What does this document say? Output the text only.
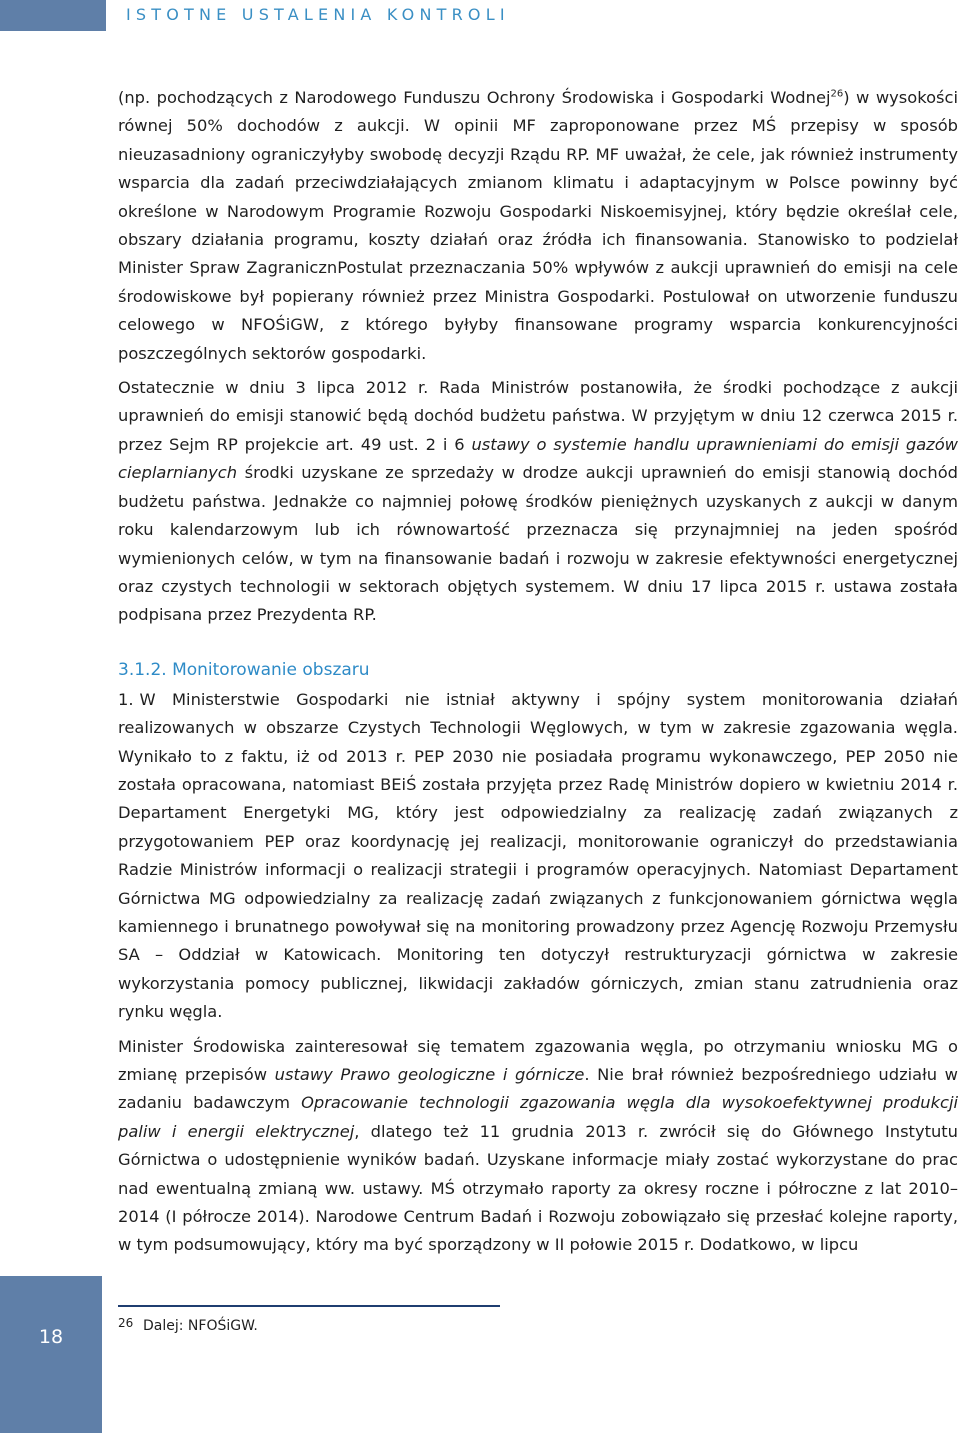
ISTOTNE USTALENIA KONTROLI

(np. pochodzących z Narodowego Funduszu Ochrony Środowiska i Gospodarki Wodnej$^{26}$) w wysokości równej 50% dochodów z aukcji. W opinii MF zaproponowane przez MŚ przepisy w sposób nieuzasadniony ograniczyłyby swobodę decyzji Rządu RP. MF uważał, że cele, jak również instrumenty wsparcia dla zadań przeciwdziałających zmianom klimatu i adaptacyjnym w Polsce powinny być określone w Narodowym Programie Rozwoju Gospodarki Niskoemisyjnej, który będzie określał cele, obszary działania programu, koszty działań oraz źródła ich finansowania. Stanowisko to podzielał Minister Spraw ZagranicznPostulat przeznaczania 50% wpływów z aukcji uprawnień do emisji na cele środowiskowe był popierany również przez Ministra Gospodarki. Postulował on utworzenie funduszu celowego w NFOŚiGW, z którego byłyby finansowane programy wsparcia konkurencyjności poszczególnych sektorów gospodarki.

Ostatecznie w dniu 3 lipca 2012 r. Rada Ministrów postanowiła, że środki pochodzące z aukcji uprawnień do emisji stanowić będą dochód budżetu państwa. W przyjętym w dniu 12 czerwca 2015 r. przez Sejm RP projekcie art. 49 ust. 2 i 6 ustawy o systemie handlu uprawnieniami do emisji gazów cieplarnianych środki uzyskane ze sprzedaży w drodze aukcji uprawnień do emisji stanowią dochód budżetu państwa. Jednakże co najmniej połowę środków pieniężnych uzyskanych z aukcji w danym roku kalendarzowym lub ich równowartość przeznacza się przynajmniej na jeden spośród wymienionych celów, w tym na finansowanie badań i rozwoju w zakresie efektywności energetycznej oraz czystych technologii w sektorach objętych systemem. W dniu 17 lipca 2015 r. ustawa została podpisana przez Prezydenta RP.

3.1.2. Monitorowanie obszaru

1. W Ministerstwie Gospodarki nie istniał aktywny i spójny system monitorowania działań realizowanych w obszarze Czystych Technologii Węglowych, w tym w zakresie zgazowania węgla. Wynikało to z faktu, iż od 2013 r. PEP 2030 nie posiadała programu wykonawczego, PEP 2050 nie została opracowana, natomiast BEiŚ została przyjęta przez Radę Ministrów dopiero w kwietniu 2014 r. Departament Energetyki MG, który jest odpowiedzialny za realizację zadań związanych z przygotowaniem PEP oraz koordynację jej realizacji, monitorowanie ograniczył do przedstawiania Radzie Ministrów informacji o realizacji strategii i programów operacyjnych. Natomiast Departament Górnictwa MG odpowiedzialny za realizację zadań związanych z funkcjonowaniem górnictwa węgla kamiennego i brunatnego powoływał się na monitoring prowadzony przez Agencję Rozwoju Przemysłu SA – Oddział w Katowicach. Monitoring ten dotyczył restrukturyzacji górnictwa w zakresie wykorzystania pomocy publicznej, likwidacji zakładów górniczych, zmian stanu zatrudnienia oraz rynku węgla.

Minister Środowiska zainteresował się tematem zgazowania węgla, po otrzymaniu wniosku MG o zmianę przepisów ustawy Prawo geologiczne i górnicze. Nie brał również bezpośredniego udziału w zadaniu badawczym Opracowanie technologii zgazowania węgla dla wysokoefektywnej produkcji paliw i energii elektrycznej, dlatego też 11 grudnia 2013 r. zwrócił się do Głównego Instytutu Górnictwa o udostępnienie wyników badań. Uzyskane informacje miały zostać wykorzystane do prac nad ewentualną zmianą ww. ustawy. MŚ otrzymało raporty za okresy roczne i półroczne z lat 2010–2014 (I półrocze 2014). Narodowe Centrum Badań i Rozwoju zobowiązało się przesłać kolejne raporty, w tym podsumowujący, który ma być sporządzony w II połowie 2015 r. Dodatkowo, w lipcu

18
26 Dalej: NFOŚiGW.
